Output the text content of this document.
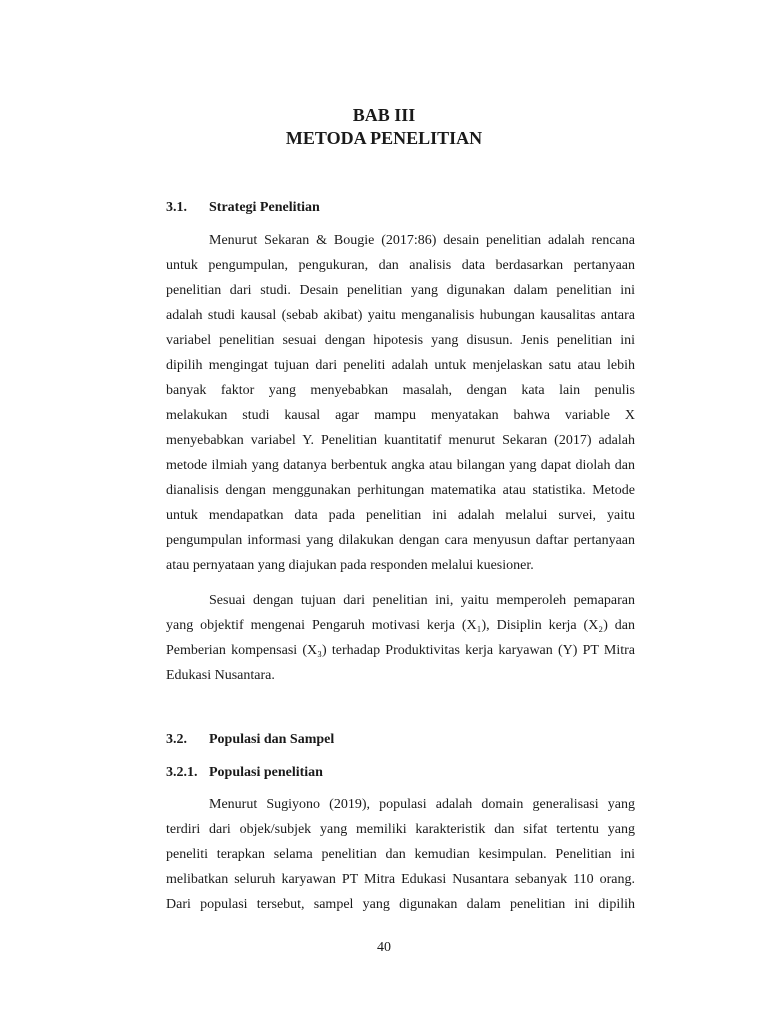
BAB III
METODA PENELITIAN
3.1. Strategi Penelitian
Menurut Sekaran & Bougie (2017:86) desain penelitian adalah rencana
untuk pengumpulan, pengukuran, dan analisis data berdasarkan pertanyaan
penelitian dari studi. Desain penelitian yang digunakan dalam penelitian ini
adalah studi kausal (sebab akibat) yaitu menganalisis hubungan kausalitas antara
variabel penelitian sesuai dengan hipotesis yang disusun. Jenis penelitian ini
dipilih mengingat tujuan dari peneliti adalah untuk menjelaskan satu atau lebih
banyak faktor yang menyebabkan masalah, dengan kata lain penulis
melakukan studi kausal agar mampu menyatakan bahwa variable X
menyebabkan variabel Y. Penelitian kuantitatif menurut Sekaran (2017) adalah
metode ilmiah yang datanya berbentuk angka atau bilangan yang dapat diolah dan
dianalisis dengan menggunakan perhitungan matematika atau statistika. Metode
untuk mendapatkan data pada penelitian ini adalah melalui survei, yaitu
pengumpulan informasi yang dilakukan dengan cara menyusun daftar pertanyaan
atau pernyataan yang diajukan pada responden melalui kuesioner.
Sesuai dengan tujuan dari penelitian ini, yaitu memperoleh pemaparan
yang objektif mengenai Pengaruh motivasi kerja (X₁), Disiplin kerja (X₂) dan
Pemberian kompensasi (X₃) terhadap Produktivitas kerja karyawan (Y) PT Mitra
Edukasi Nusantara.
3.2. Populasi dan Sampel
3.2.1. Populasi penelitian
Menurut Sugiyono (2019), populasi adalah domain generalisasi yang
terdiri dari objek/subjek yang memiliki karakteristik dan sifat tertentu yang
peneliti terapkan selama penelitian dan kemudian kesimpulan. Penelitian ini
melibatkan seluruh karyawan PT Mitra Edukasi Nusantara sebanyak 110 orang.
Dari populasi tersebut, sampel yang digunakan dalam penelitian ini dipilih
40
